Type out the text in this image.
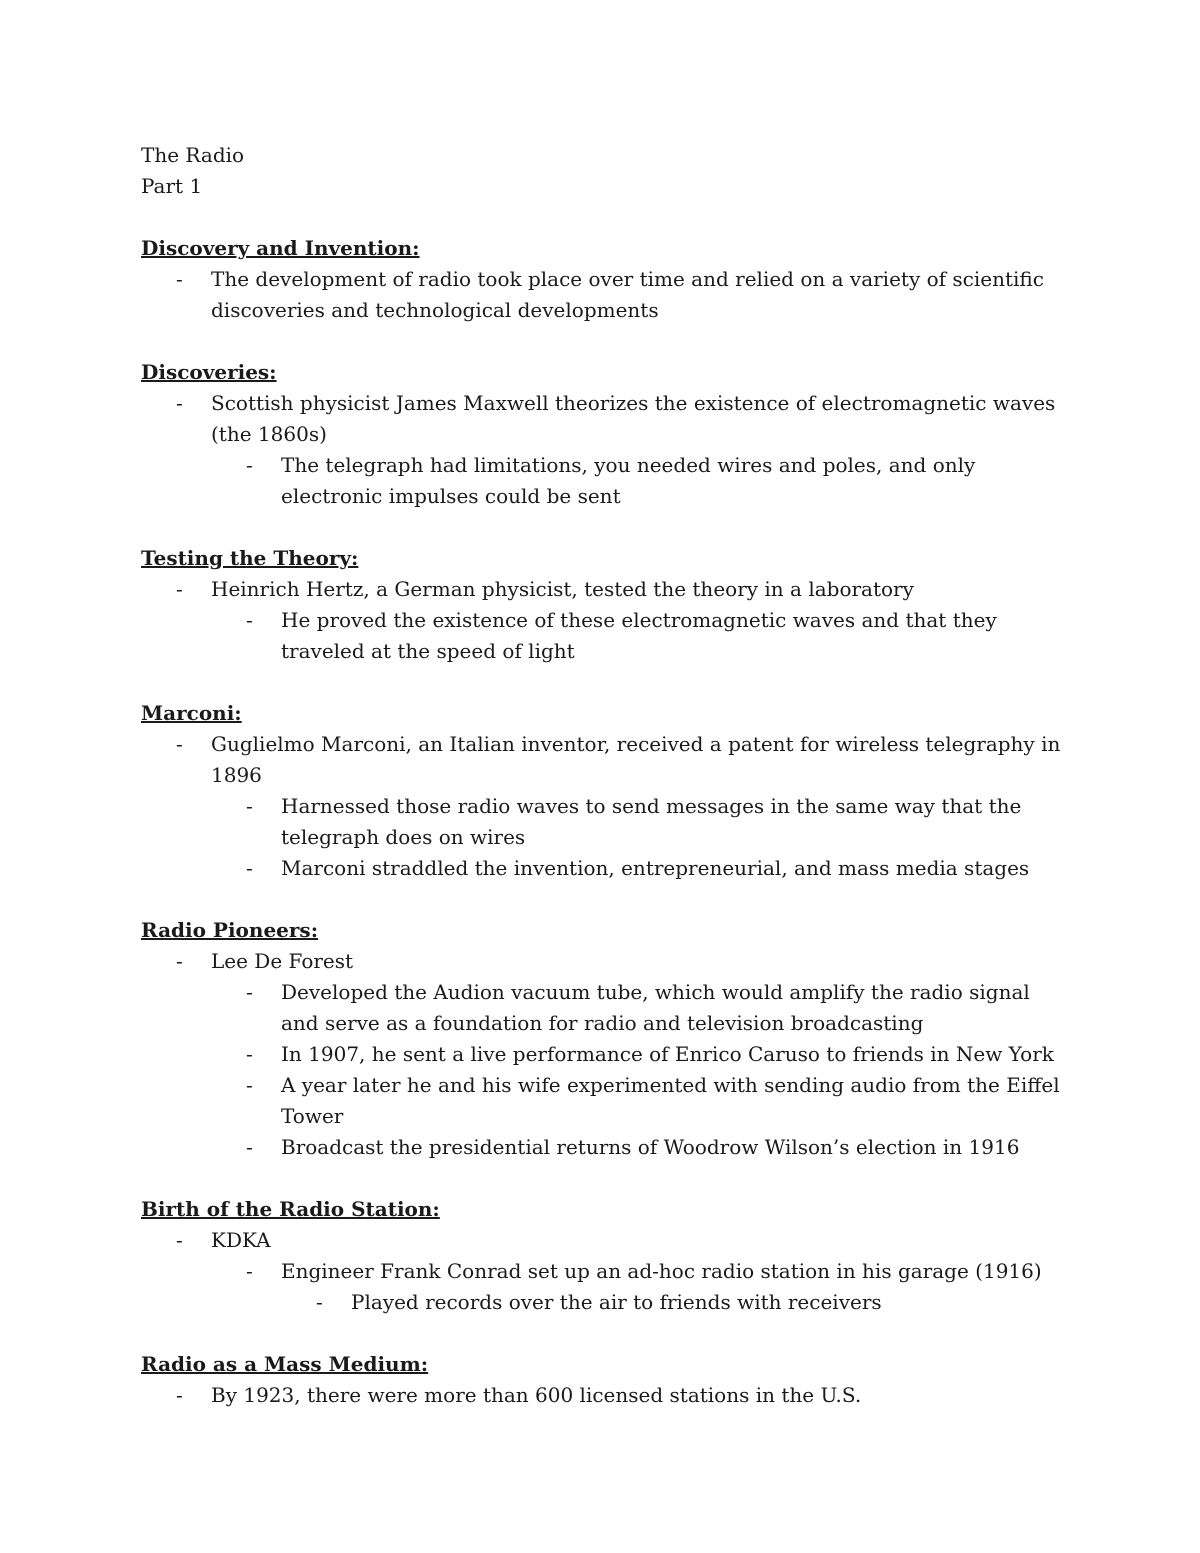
The Radio
Part 1
Discovery and Invention:
-	The development of radio took place over time and relied on a variety of scientific discoveries and technological developments
Discoveries:
-	Scottish physicist James Maxwell theorizes the existence of electromagnetic waves (the 1860s)
-	The telegraph had limitations, you needed wires and poles, and only electronic impulses could be sent
Testing the Theory:
-	Heinrich Hertz, a German physicist, tested the theory in a laboratory
-	He proved the existence of these electromagnetic waves and that they traveled at the speed of light
Marconi:
-	Guglielmo Marconi, an Italian inventor, received a patent for wireless telegraphy in 1896
-	Harnessed those radio waves to send messages in the same way that the telegraph does on wires
-	Marconi straddled the invention, entrepreneurial, and mass media stages
Radio Pioneers:
-	Lee De Forest
-	Developed the Audion vacuum tube, which would amplify the radio signal and serve as a foundation for radio and television broadcasting
-	In 1907, he sent a live performance of Enrico Caruso to friends in New York
-	A year later he and his wife experimented with sending audio from the Eiffel Tower
-	Broadcast the presidential returns of Woodrow Wilson’s election in 1916
Birth of the Radio Station:
-	KDKA
-	Engineer Frank Conrad set up an ad-hoc radio station in his garage (1916)
-	Played records over the air to friends with receivers
Radio as a Mass Medium:
-	By 1923, there were more than 600 licensed stations in the U.S.
